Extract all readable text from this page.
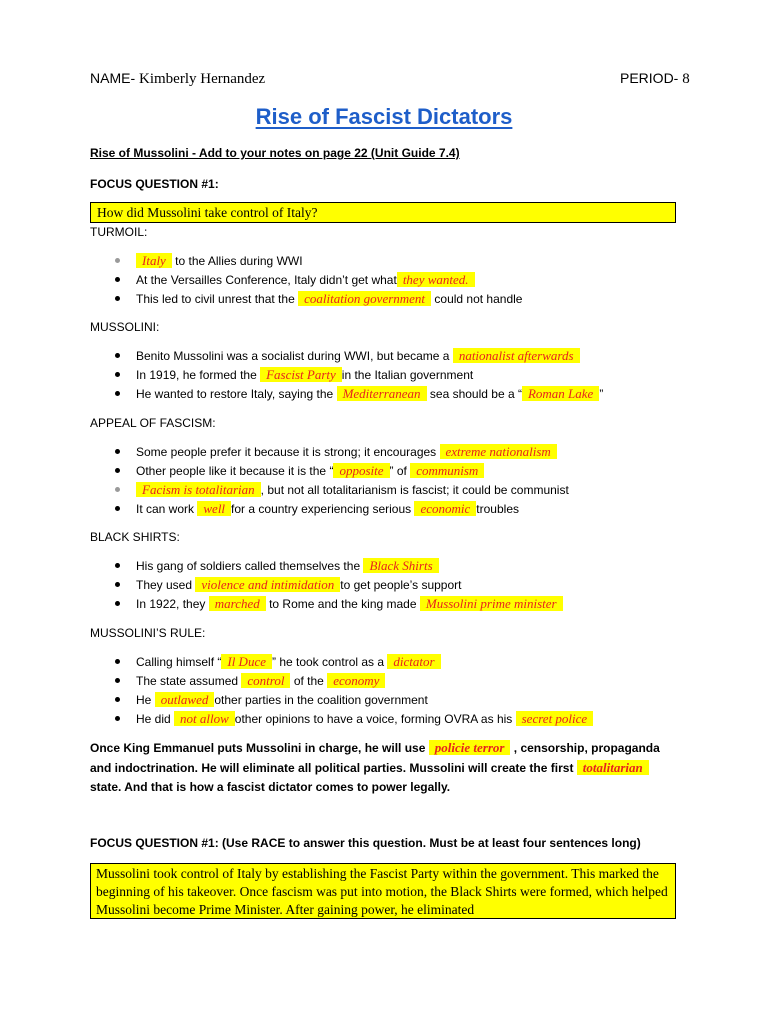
NAME- Kimberly Hernandez	PERIOD- 8
Rise of Fascist Dictators
Rise of Mussolini - Add to your notes on page 22 (Unit Guide 7.4)
FOCUS QUESTION #1:
How did Mussolini take control of Italy?
TURMOIL:
Italy to the Allies during WWI
At the Versailles Conference, Italy didn’t get what they wanted.
This led to civil unrest that the coalitation government could not handle
MUSSOLINI:
Benito Mussolini was a socialist during WWI, but became a nationalist afterwards
In 1919, he formed the Fascist Party in the Italian government
He wanted to restore Italy, saying the Mediterranean sea should be a “ Roman Lake ”
APPEAL OF FASCISM:
Some people prefer it because it is strong; it encourages extreme nationalism
Other people like it because it is the “ opposite ” of communism
Facism is totalitarian , but not all totalitarianism is fascist; it could be communist
It can work well for a country experiencing serious economic troubles
BLACK SHIRTS:
His gang of soldiers called themselves the Black Shirts
They used violence and intimidation to get people’s support
In 1922, they marched to Rome and the king made Mussolini prime minister
MUSSOLINI’S RULE:
Calling himself “ Il Duce ” he took control as a dictator
The state assumed control of the economy
He outlawed other parties in the coalition government
He did not allow other opinions to have a voice, forming OVRA as his secret police
Once King Emmanuel puts Mussolini in charge, he will use policie terror , censorship, propaganda and indoctrination. He will eliminate all political parties. Mussolini will create the first totalitarian state. And that is how a fascist dictator comes to power legally.
FOCUS QUESTION #1: (Use RACE to answer this question. Must be at least four sentences long)
Mussolini took control of Italy by establishing the Fascist Party within the government. This marked the beginning of his takeover. Once fascism was put into motion, the Black Shirts were formed, which helped Mussolini become Prime Minister. After gaining power, he eliminated
